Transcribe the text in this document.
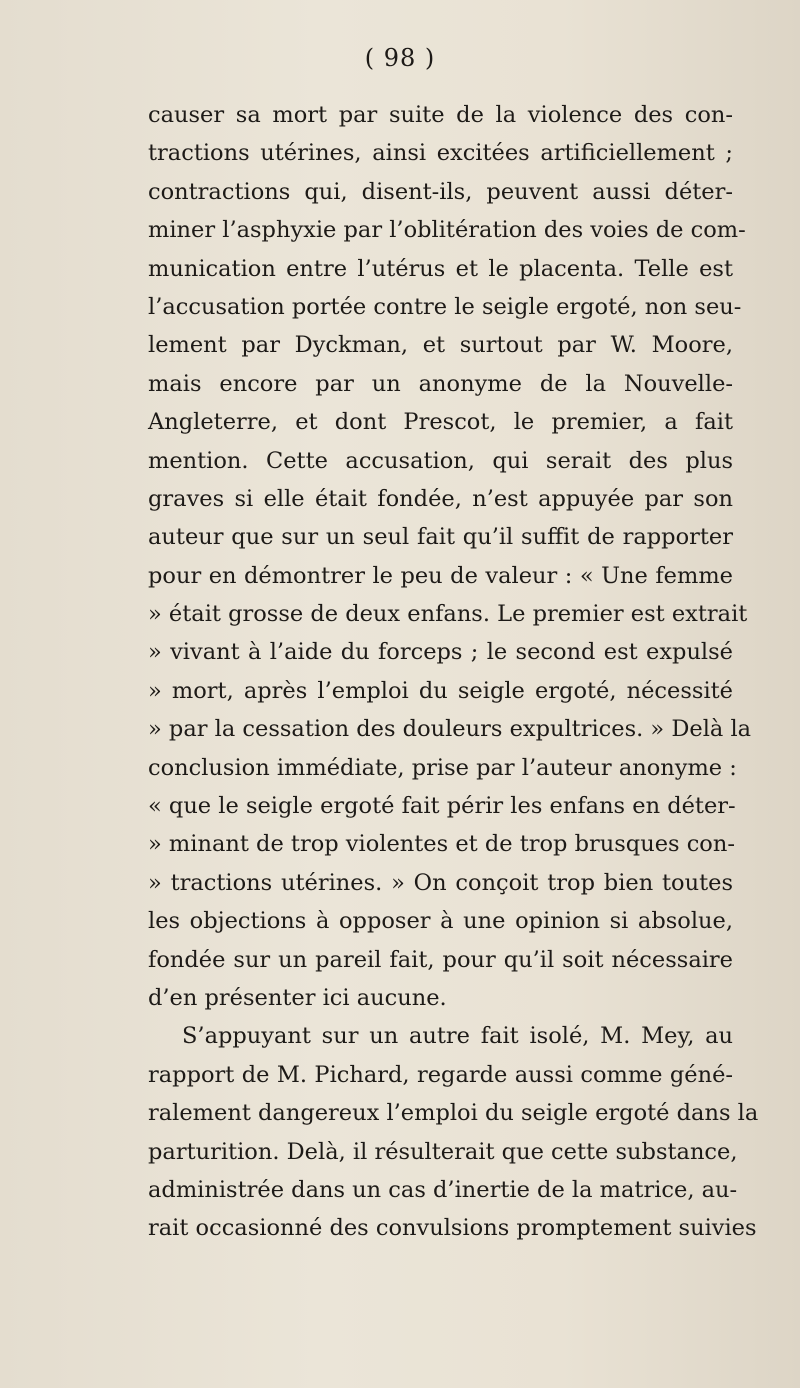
( 98 )
causer sa mort par suite de la violence des con-
tractions utérines, ainsi excitées artificiellement ;
contractions qui, disent-ils, peuvent aussi déter-
miner l’asphyxie par l’oblitération des voies de com-
munication entre l’utérus et le placenta. Telle est
l’accusation portée contre le seigle ergoté, non seu-
lement par Dyckman, et surtout par W. Moore,
mais encore par un anonyme de la Nouvelle-
Angleterre, et dont Prescot, le premier, a fait
mention. Cette accusation, qui serait des plus
graves si elle était fondée, n’est appuyée par son
auteur que sur un seul fait qu’il suffit de rapporter
pour en démontrer le peu de valeur : « Une femme
» était grosse de deux enfans. Le premier est extrait
» vivant à l’aide du forceps ; le second est expulsé
» mort, après l’emploi du seigle ergoté, nécessité
» par la cessation des douleurs expultrices. » Delà la
conclusion immédiate, prise par l’auteur anonyme :
« que le seigle ergoté fait périr les enfans en déter-
» minant de trop violentes et de trop brusques con-
» tractions utérines. » On conçoit trop bien toutes
les objections à opposer à une opinion si absolue,
fondée sur un pareil fait, pour qu’il soit nécessaire
d’en présenter ici aucune.
S’appuyant sur un autre fait isolé, M. Mey, au
rapport de M. Pichard, regarde aussi comme géné-
ralement dangereux l’emploi du seigle ergoté dans la
parturition. Delà, il résulterait que cette substance,
administrée dans un cas d’inertie de la matrice, au-
rait occasionné des convulsions promptement suivies
